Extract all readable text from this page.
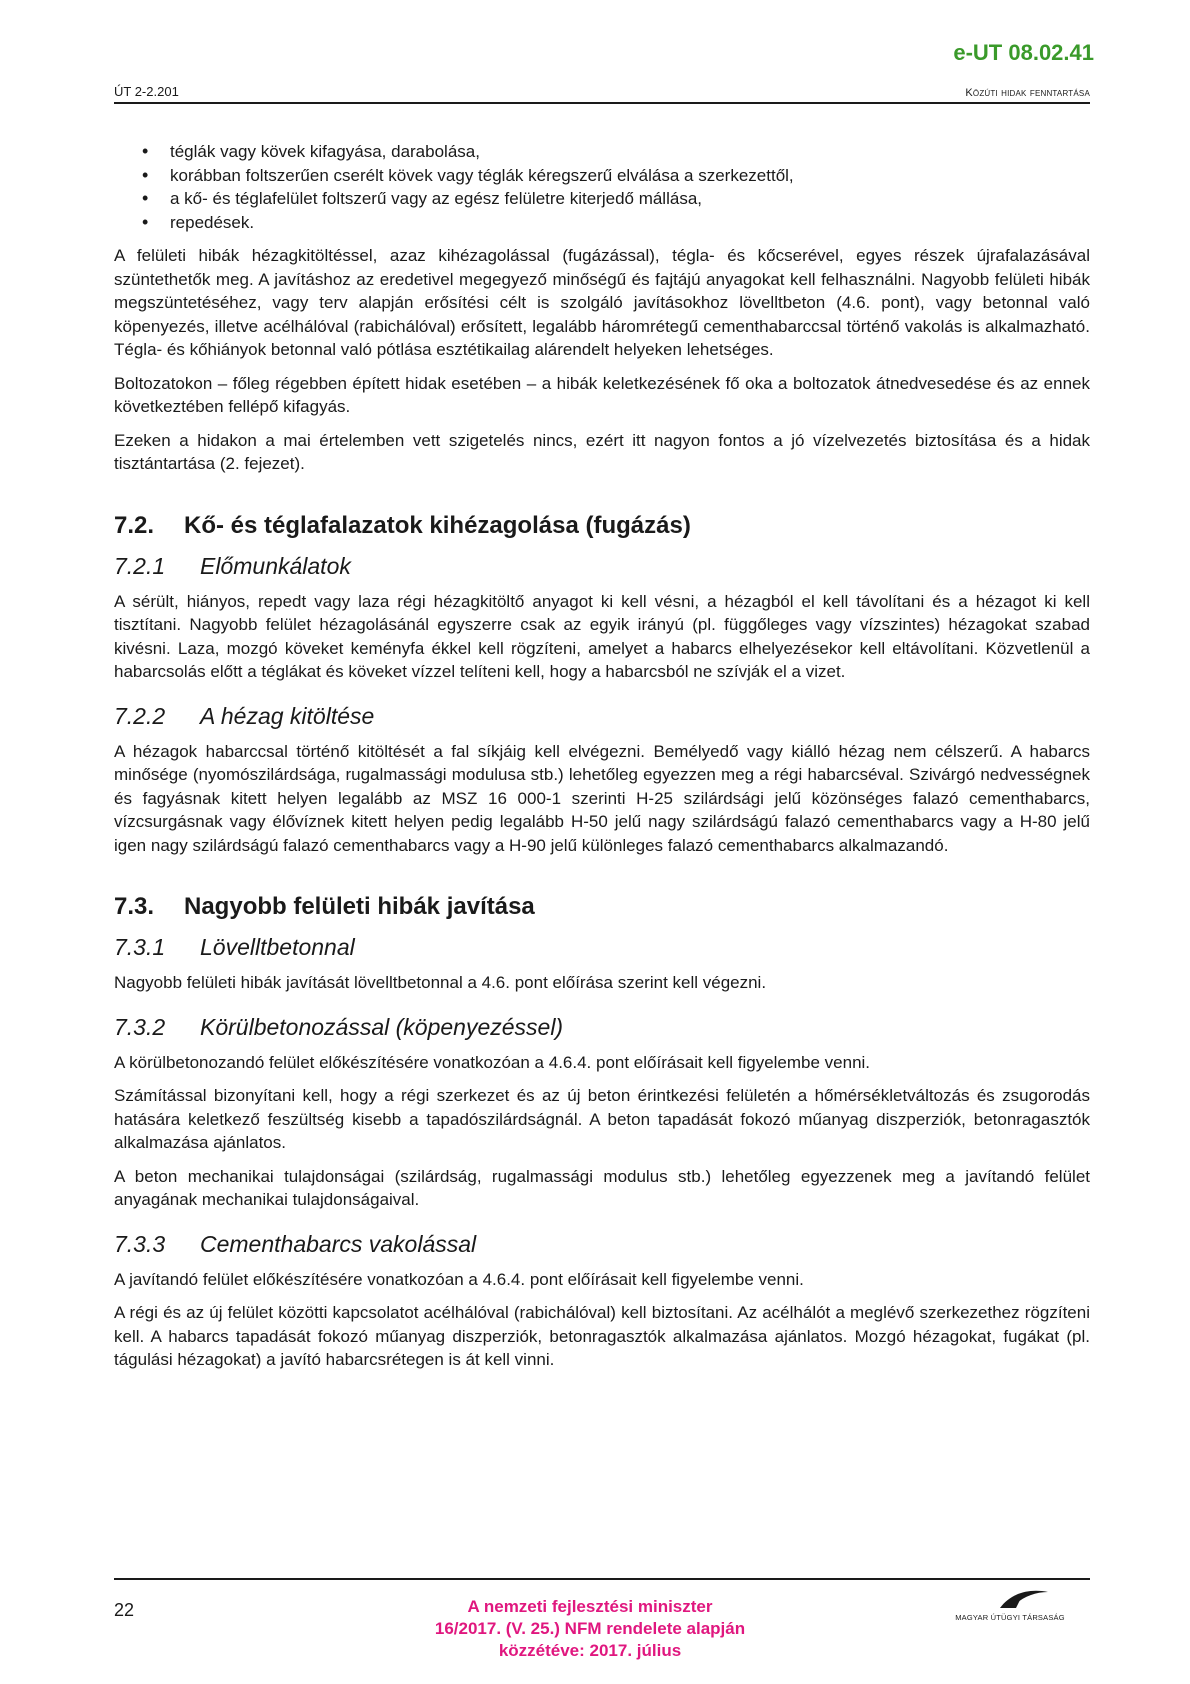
e-UT 08.02.41
ÚT 2-2.201	Közúti hidak fenntartása
• téglák vagy kövek kifagyása, darabolása,
• korábban foltszerűen cserélt kövek vagy téglák kéregszerű elválása a szerkezettől,
• a kő- és téglafelület foltszerű vagy az egész felületre kiterjedő mállása,
• repedések.

A felületi hibák hézagkitöltéssel, azaz kihézagolással (fugázással), tégla- és kőcserével, egyes részek újrafalazásával szüntethetők meg. A javításhoz az eredetivel megegyező minőségű és fajtájú anyagokat kell felhasználni. Nagyobb felületi hibák megszüntetéséhez, vagy terv alapján erősítési célt is szolgáló javításokhoz lövelltbeton (4.6. pont), vagy betonnal való köpenyezés, illetve acélhálóval (rabichálóval) erősített, legalább háromrétegű cementhabarccsal történő vakolás is alkalmazható. Tégla- és kőhiányok betonnal való pótlása esztétikailag alárendelt helyeken lehetséges.

Boltozatokon – főleg régebben épített hidak esetében – a hibák keletkezésének fő oka a boltozatok átnedvesedése és az ennek következtében fellépő kifagyás.

Ezeken a hidakon a mai értelemben vett szigetelés nincs, ezért itt nagyon fontos a jó vízelvezetés biztosítása és a hidak tisztántartása (2. fejezet).

7.2. Kő- és téglafalazatok kihézagolása (fugázás)
7.2.1 Előmunkálatok

A sérült, hiányos, repedt vagy laza régi hézagkitöltő anyagot ki kell vésni, a hézagból el kell távolítani és a hézagot ki kell tisztítani. Nagyobb felület hézagolásánál egyszerre csak az egyik irányú (pl. függőleges vagy vízszintes) hézagokat szabad kivésni. Laza, mozgó köveket keményfa ékkel kell rögzíteni, amelyet a habarcs elhelyezésekor kell eltávolítani. Közvetlenül a habarcsolás előtt a téglákat és köveket vízzel telíteni kell, hogy a habarcsból ne szívják el a vizet.

7.2.2 A hézag kitöltése

A hézagok habarccsal történő kitöltését a fal síkjáig kell elvégezni. Bemélyedő vagy kiálló hézag nem célszerű. A habarcs minősége (nyomószilárdsága, rugalmassági modulusa stb.) lehetőleg egyezzen meg a régi habarcséval. Szivárgó nedvességnek és fagyásnak kitett helyen legalább az MSZ 16 000-1 szerinti H-25 szilárdsági jelű közönséges falazó cementhabarcs, vízcsurgásnak vagy élővíznek kitett helyen pedig legalább H-50 jelű nagy szilárdságú falazó cementhabarcs vagy a H-80 jelű igen nagy szilárdságú falazó cementhabarcs vagy a H-90 jelű különleges falazó cementhabarcs alkalmazandó.

7.3. Nagyobb felületi hibák javítása
7.3.1 Lövelltbetonnal

Nagyobb felületi hibák javítását lövelltbetonnal a 4.6. pont előírása szerint kell végezni.

7.3.2 Körülbetonozással (köpenyezéssel)

A körülbetonozandó felület előkészítésére vonatkozóan a 4.6.4. pont előírásait kell figyelembe venni.

Számítással bizonyítani kell, hogy a régi szerkezet és az új beton érintkezési felületén a hőmérsékletváltozás és zsugorodás hatására keletkező feszültség kisebb a tapadószilárdságnál. A beton tapadását fokozó műanyag diszperziók, betonragasztók alkalmazása ajánlatos.

A beton mechanikai tulajdonságai (szilárdság, rugalmassági modulus stb.) lehetőleg egyezzenek meg a javítandó felület anyagának mechanikai tulajdonságaival.

7.3.3 Cementhabarcs vakolással

A javítandó felület előkészítésére vonatkozóan a 4.6.4. pont előírásait kell figyelembe venni.

A régi és az új felület közötti kapcsolatot acélhálóval (rabichálóval) kell biztosítani. Az acélhálót a meglévő szerkezethez rögzíteni kell. A habarcs tapadását fokozó műanyag diszperziók, betonragasztók alkalmazása ajánlatos. Mozgó hézagokat, fugákat (pl. tágulási hézagokat) a javító habarcsrétegen is át kell vinni.

22	A nemzeti fejlesztési miniszter
16/2017. (V. 25.) NFM rendelete alapján
közzétéve: 2017. július
MAGYAR ÚTÜGYI TÁRSASÁG
